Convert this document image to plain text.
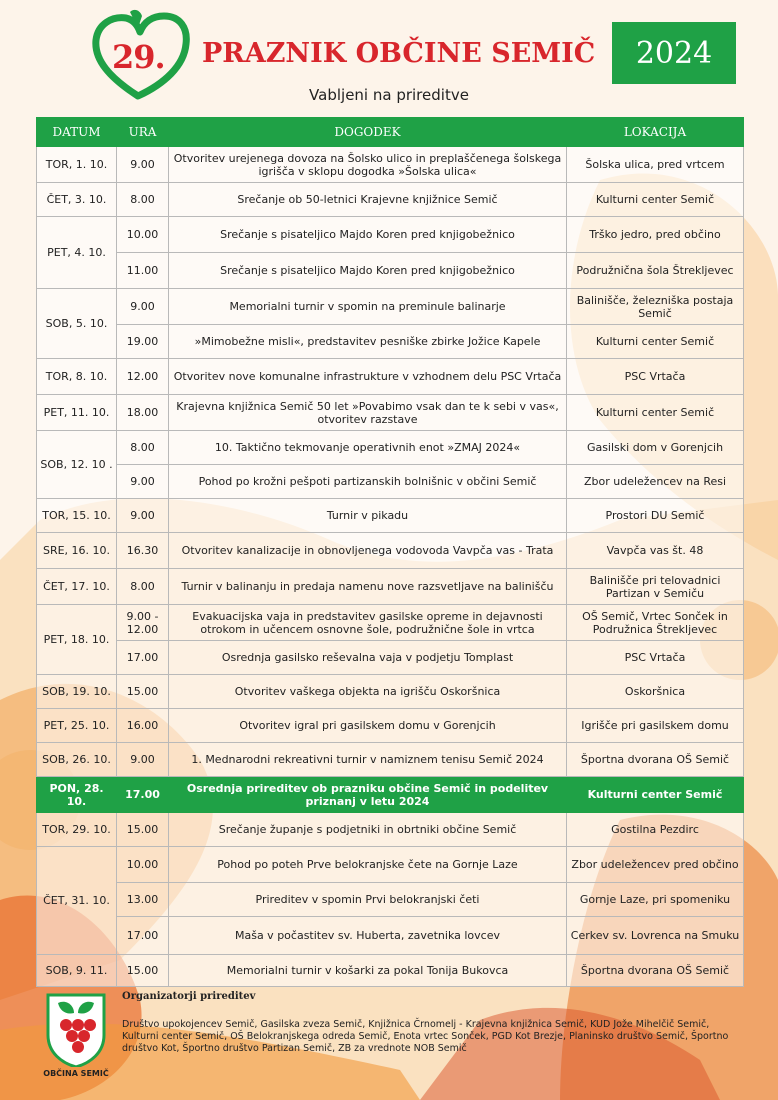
29. PRAZNIK OBČINE SEMIČ	2024
Vabljeni na prireditve
DATUM	URA	DOGODEK	LOKACIJA
TOR, 1. 10.	9.00	Otvoritev urejenega dovoza na Šolsko ulico in preplaščenega šolskega igrišča v sklopu dogodka »Šolska ulica«	Šolska ulica, pred vrtcem
ČET, 3. 10.	8.00	Srečanje ob 50-letnici Krajevne knjižnice Semič	Kulturni center Semič
PET, 4. 10.	10.00	Srečanje s pisateljico Majdo Koren pred knjigobežnico	Trško jedro, pred občino
	11.00	Srečanje s pisateljico Majdo Koren pred knjigobežnico	Podružnična šola Štrekljevec
SOB, 5. 10.	9.00	Memorialni turnir v spomin na preminule balinarje	Balinišče, železniška postaja Semič
	19.00	»Mimobežne misli«, predstavitev pesniške zbirke Jožice Kapele	Kulturni center Semič
TOR, 8. 10.	12.00	Otvoritev nove komunalne infrastrukture v vzhodnem delu PSC Vrtača	PSC Vrtača
PET, 11. 10.	18.00	Krajevna knjižnica Semič 50 let »Povabimo vsak dan te k sebi v vas«, otvoritev razstave	Kulturni center Semič
SOB, 12. 10 .	8.00	10. Taktično tekmovanje operativnih enot »ZMAJ 2024«	Gasilski dom v Gorenjcih
	9.00	Pohod po krožni pešpoti partizanskih bolnišnic v občini Semič	Zbor udeležencev na Resi
TOR, 15. 10.	9.00	Turnir v pikadu	Prostori DU Semič
SRE, 16. 10.	16.30	Otvoritev kanalizacije in obnovljenega vodovoda Vavpča vas - Trata	Vavpča vas št. 48
ČET, 17. 10.	8.00	Turnir v balinanju in predaja namenu nove razsvetljave na balinišču	Balinišče pri telovadnici Partizan v Semiču
PET, 18. 10.	9.00 - 12.00	Evakuacijska vaja in predstavitev gasilske opreme in dejavnosti otrokom in učencem osnovne šole, podružnične šole in vrtca	OŠ Semič, Vrtec Sonček in Podružnica Štrekljevec
	17.00	Osrednja gasilsko reševalna vaja v podjetju Tomplast	PSC Vrtača
SOB, 19. 10.	15.00	Otvoritev vaškega objekta na igrišču Oskoršnica	Oskoršnica
PET, 25. 10.	16.00	Otvoritev igral pri gasilskem domu v Gorenjcih	Igrišče pri gasilskem domu
SOB, 26. 10.	9.00	1. Mednarodni rekreativni turnir v namiznem tenisu Semič 2024	Športna dvorana OŠ Semič
PON, 28. 10.	17.00	Osrednja prireditev ob prazniku občine Semič in podelitev priznanj v letu 2024	Kulturni center Semič
TOR, 29. 10.	15.00	Srečanje županje s podjetniki in obrtniki občine Semič	Gostilna Pezdirc
ČET, 31. 10.	10.00	Pohod po poteh Prve belokranjske čete na Gornje Laze	Zbor udeležencev pred občino
	13.00	Prireditev v spomin Prvi belokranjski četi	Gornje Laze, pri spomeniku
	17.00	Maša v počastitev sv. Huberta, zavetnika lovcev	Cerkev sv. Lovrenca na Smuku
SOB, 9. 11.	15.00	Memorialni turnir v košarki za pokal Tonija Bukovca	Športna dvorana OŠ Semič
OBČINA SEMIČ
Organizatorji prireditev
Društvo upokojencev Semič, Gasilska zveza Semič, Knjižnica Črnomelj - Krajevna knjižnica Semič, KUD Jože Mihelčič Semič, Kulturni center Semič, OŠ Belokranjskega odreda Semič, Enota vrtec Sonček, PGD Kot Brezje, Planinsko društvo Semič, Športno društvo Kot, Športno društvo Partizan Semič, ZB za vrednote NOB Semič
